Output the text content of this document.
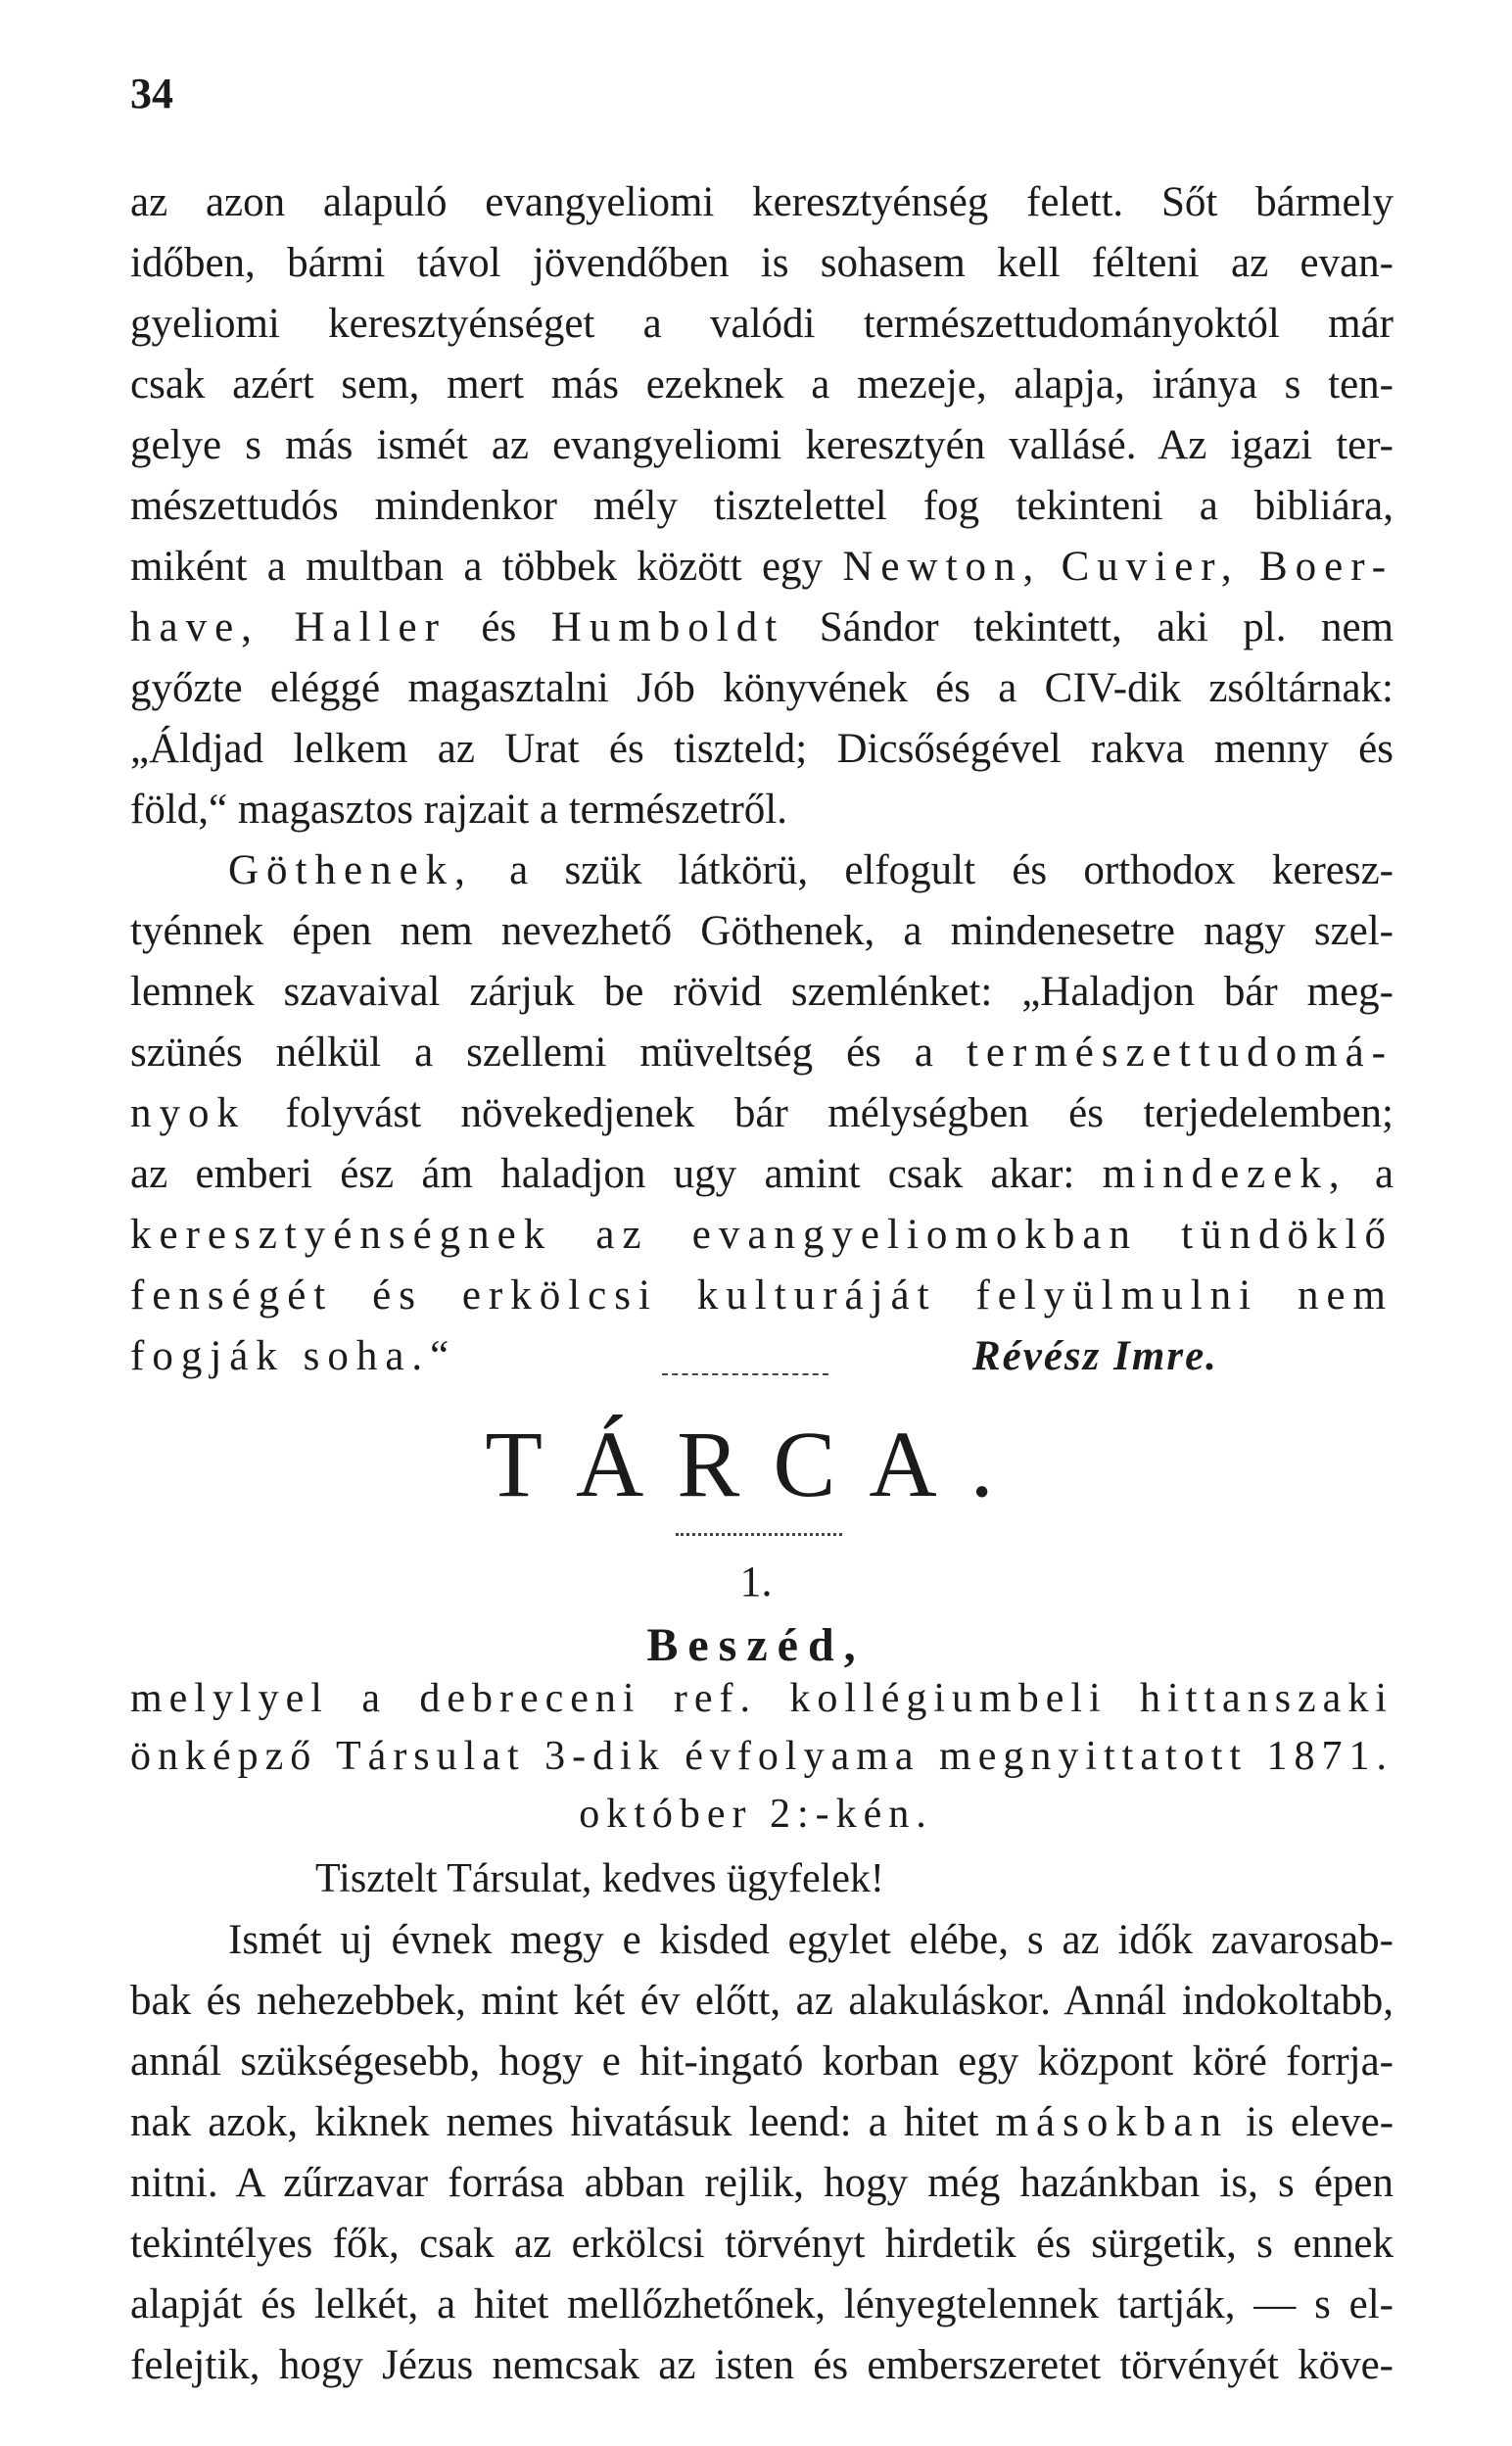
34
az azon alapuló evangyeliomi keresztyénség felett. Sőt bármely
időben, bármi távol jövendőben is sohasem kell félteni az evan-
gyeliomi keresztyénséget a valódi természettudományoktól már
csak azért sem, mert más ezeknek a mezeje, alapja, iránya s ten-
gelye s más ismét az evangyeliomi keresztyén vallásé. Az igazi ter-
mészettudós mindenkor mély tisztelettel fog tekinteni a bibliára,
miként a multban a többek között egy Newton, Cuvier, Boer-
have, Haller és Humboldt Sándor tekintett, aki pl. nem
győzte eléggé magasztalni Jób könyvének és a CIV-dik zsóltárnak:
„Áldjad lelkem az Urat és tiszteld; Dicsőségével rakva menny és
föld,“ magasztos rajzait a természetről.
Göthenek, a szük látkörü, elfogult és orthodox keresz-
tyénnek épen nem nevezhető Göthenek, a mindenesetre nagy szel-
lemnek szavaival zárjuk be rövid szemlénket: „Haladjon bár meg-
szünés nélkül a szellemi müveltség és a természettudomá-
nyok folyvást növekedjenek bár mélységben és terjedelemben;
az emberi ész ám haladjon ugy amint csak akar: mindezek, a
keresztyénségnek az evangyeliomokban tündöklő
fenségét és erkölcsi kulturáját felyülmulni nem
fogják soha.“	Révész Imre.
TÁRCA.
1.
Beszéd,
melylyel a debreceni ref. kollégiumbeli hittanszaki
önképző Társulat 3-dik évfolyama megnyittatott 1871.
október 2:-kén.
Tisztelt Társulat, kedves ügyfelek!
Ismét uj évnek megy e kisded egylet elébe, s az idők zavarosab-
bak és nehezebbek, mint két év előtt, az alakuláskor. Annál indokoltabb,
annál szükségesebb, hogy e hit-ingató korban egy központ köré forrja-
nak azok, kiknek nemes hivatásuk leend: a hitet másokban is eleve-
nitni. A zűrzavar forrása abban rejlik, hogy még hazánkban is, s épen
tekintélyes fők, csak az erkölcsi törvényt hirdetik és sürgetik, s ennek
alapját és lelkét, a hitet mellőzhetőnek, lényegtelennek tartják, — s el-
felejtik, hogy Jézus nemcsak az isten és emberszeretet törvényét köve-
